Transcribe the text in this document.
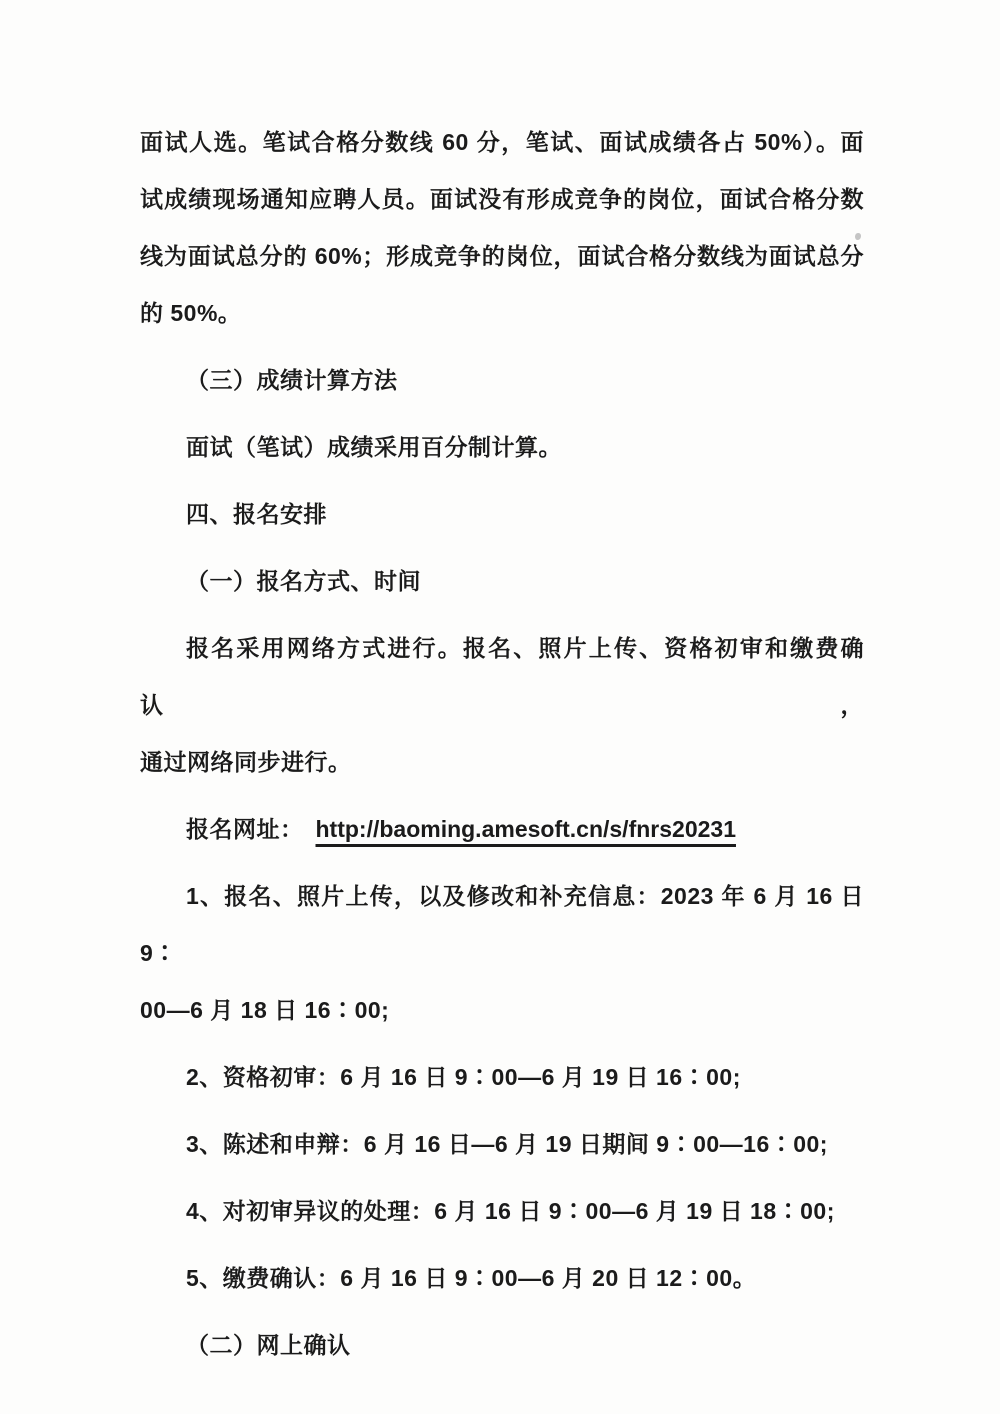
面试人选。笔试合格分数线 60 分，笔试、面试成绩各占 50%）。面
试成绩现场通知应聘人员。面试没有形成竞争的岗位，面试合格分数
线为面试总分的 60%；形成竞争的岗位，面试合格分数线为面试总分
的 50%。
（三）成绩计算方法
面试（笔试）成绩采用百分制计算。
四、报名安排
（一）报名方式、时间
报名采用网络方式进行。报名、照片上传、资格初审和缴费确认，
通过网络同步进行。
报名网址： http://baoming.amesoft.cn/s/fnrs20231
1、报名、照片上传，以及修改和补充信息：2023 年 6 月 16 日 9∶
00—6 月 18 日 16∶00;
2、资格初审：6 月 16 日 9∶00—6 月 19 日 16∶00;
3、陈述和申辩：6 月 16 日—6 月 19 日期间 9∶00—16∶00;
4、对初审异议的处理：6 月 16 日 9∶00—6 月 19 日 18∶00;
5、缴费确认：6 月 16 日 9∶00—6 月 20 日 12∶00。
（二）网上确认
